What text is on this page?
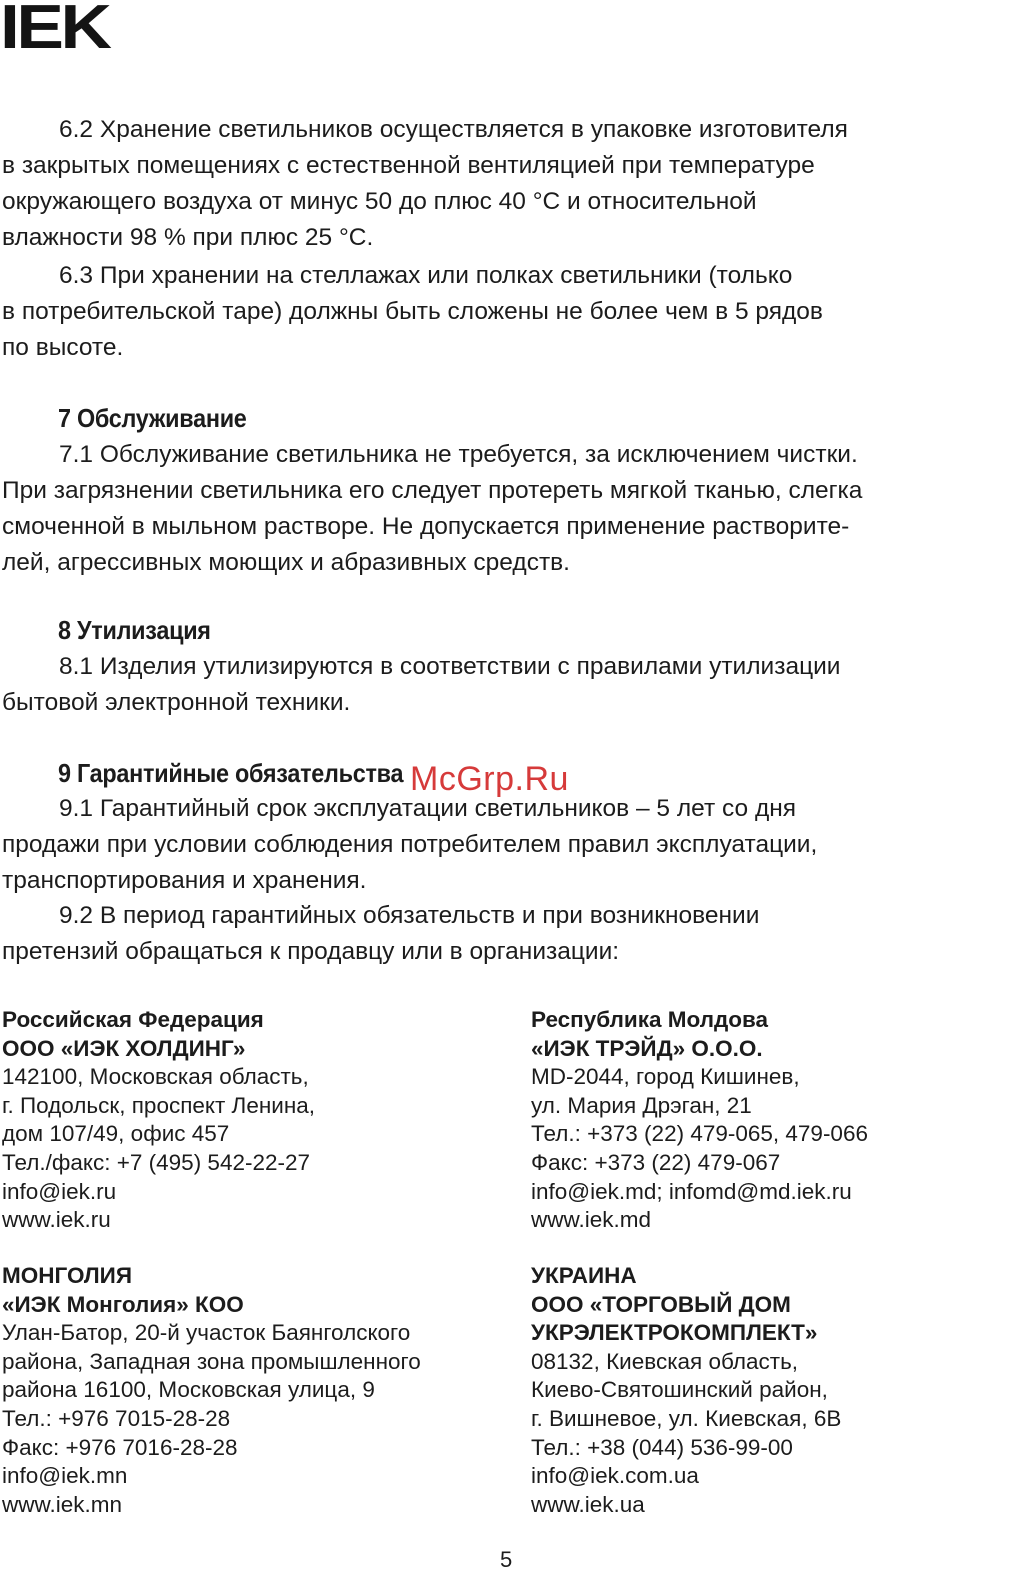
IEK

6.2 Хранение светильников осуществляется в упаковке изготовителя
в закрытых помещениях с естественной вентиляцией при температуре
окружающего воздуха от минус 50 до плюс 40 °С и относительной
влажности 98 % при плюс 25 °С.

6.3 При хранении на стеллажах или полках светильники (только
в потребительской таре) должны быть сложены не более чем в 5 рядов
по высоте.

7 Обслуживание

7.1 Обслуживание светильника не требуется, за исключением чистки.
При загрязнении светильника его следует протереть мягкой тканью, слегка
смоченной в мыльном растворе. Не допускается применение растворите-
лей, агрессивных моющих и абразивных средств.

8 Утилизация

8.1 Изделия утилизируются в соответствии с правилами утилизации
бытовой электронной техники.

9 Гарантийные обязательства

9.1 Гарантийный срок эксплуатации светильников – 5 лет со дня
продажи при условии соблюдения потребителем правил эксплуатации,
транспортирования и хранения.

9.2 В период гарантийных обязательств и при возникновении
претензий обращаться к продавцу или в организации:

Российская Федерация
ООО «ИЭК ХОЛДИНГ»
142100, Московская область,
г. Подольск, проспект Ленина,
дом 107/49, офис 457
Тел./факс: +7 (495) 542-22-27
info@iek.ru
www.iek.ru
Республика Молдова
«ИЭК ТРЭЙД» О.О.О.
MD-2044, город Кишинев,
ул. Мария Дрэган, 21
Тел.: +373 (22) 479-065, 479-066
Факс: +373 (22) 479-067
info@iek.md; infomd@md.iek.ru
www.iek.md
МОНГОЛИЯ
«ИЭК Монголия» КОО
Улан-Батор, 20-й участок Баянголского
района, Западная зона промышленного
района 16100, Московская улица, 9
Тел.: +976 7015-28-28
Факс: +976 7016-28-28
info@iek.mn
www.iek.mn
УКРАИНА
ООО «ТОРГОВЫЙ ДОМ
УКРЭЛЕКТРОКОМПЛЕКТ»
08132, Киевская область,
Киево-Святошинский район,
г. Вишневое, ул. Киевская, 6В
Тел.: +38 (044) 536-99-00
info@iek.com.ua
www.iek.ua
McGrp.Ru
5
